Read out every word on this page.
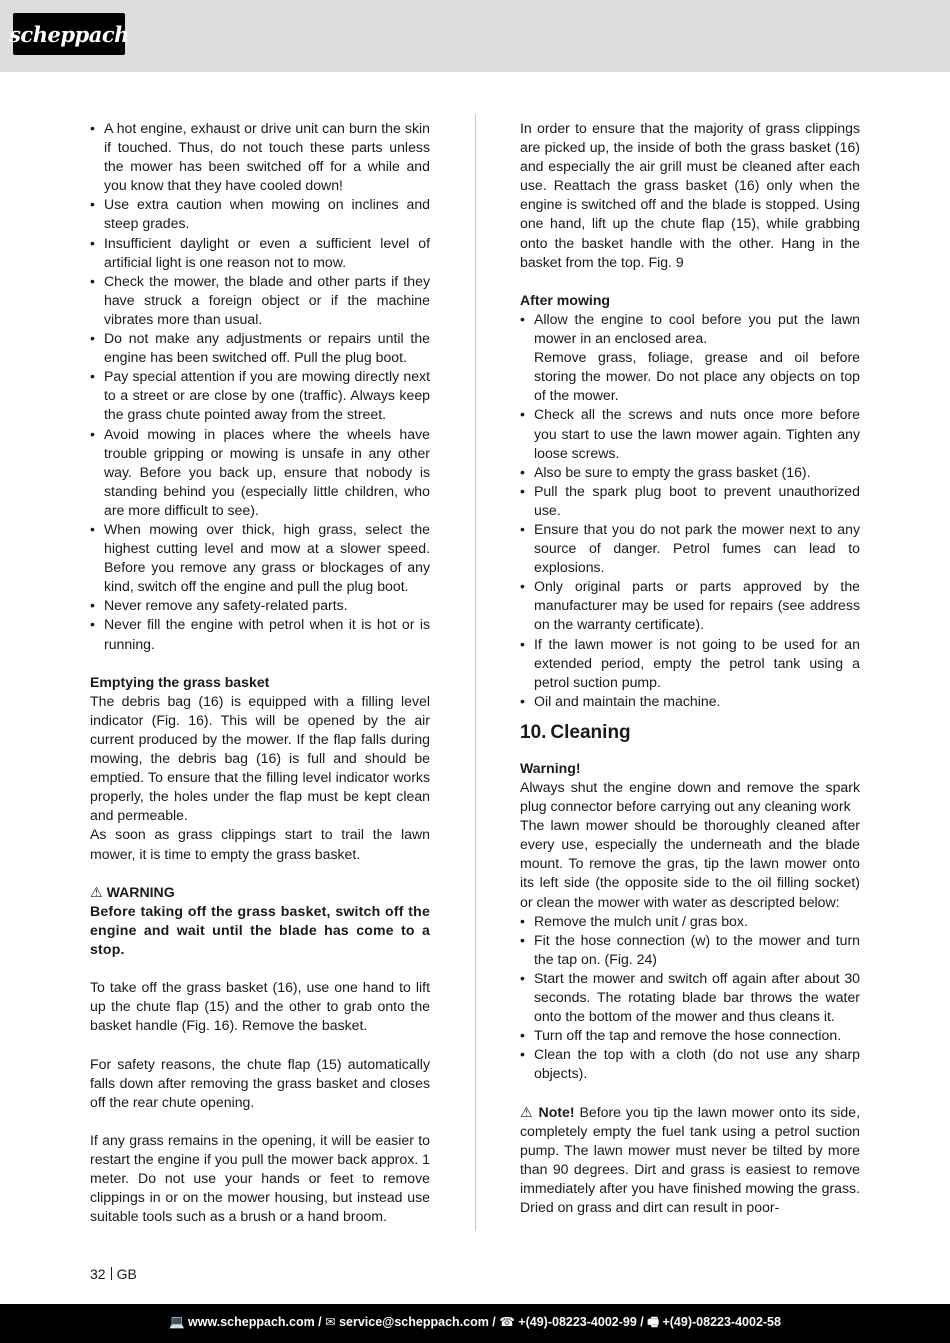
scheppach
• A hot engine, exhaust or drive unit can burn the skin if touched. Thus, do not touch these parts unless the mower has been switched off for a while and you know that they have cooled down!
• Use extra caution when mowing on inclines and steep grades.
• Insufficient daylight or even a sufficient level of artificial light is one reason not to mow.
• Check the mower, the blade and other parts if they have struck a foreign object or if the machine vibrates more than usual.
• Do not make any adjustments or repairs until the engine has been switched off. Pull the plug boot.
• Pay special attention if you are mowing directly next to a street or are close by one (traffic). Always keep the grass chute pointed away from the street.
• Avoid mowing in places where the wheels have trouble gripping or mowing is unsafe in any other way. Before you back up, ensure that nobody is standing behind you (especially little children, who are more difficult to see).
• When mowing over thick, high grass, select the highest cutting level and mow at a slower speed. Before you remove any grass or blockages of any kind, switch off the engine and pull the plug boot.
• Never remove any safety-related parts.
• Never fill the engine with petrol when it is hot or is running.
Emptying the grass basket

The debris bag (16) is equipped with a filling level indicator (Fig. 16). This will be opened by the air current produced by the mower. If the flap falls during mowing, the debris bag (16) is full and should be emptied. To ensure that the filling level indicator works properly, the holes under the flap must be kept clean and permeable.

As soon as grass clippings start to trail the lawn mower, it is time to empty the grass basket.

⚠ WARNING

Before taking off the grass basket, switch off the engine and wait until the blade has come to a stop.

To take off the grass basket (16), use one hand to lift up the chute flap (15) and the other to grab onto the basket handle (Fig. 16). Remove the basket.

For safety reasons, the chute flap (15) automatically falls down after removing the grass basket and closes off the rear chute opening.

If any grass remains in the opening, it will be easier to restart the engine if you pull the mower back approx. 1 meter. Do not use your hands or feet to remove clippings in or on the mower housing, but instead use suitable tools such as a brush or a hand broom.

In order to ensure that the majority of grass clippings are picked up, the inside of both the grass basket (16) and especially the air grill must be cleaned after each use. Reattach the grass basket (16) only when the engine is switched off and the blade is stopped. Using one hand, lift up the chute flap (15), while grabbing onto the basket handle with the other. Hang in the basket from the top. Fig. 9

After mowing
• Allow the engine to cool before you put the lawn mower in an enclosed area.
Remove grass, foliage, grease and oil before storing the mower. Do not place any objects on top of the mower.
• Check all the screws and nuts once more before you start to use the lawn mower again. Tighten any loose screws.
• Also be sure to empty the grass basket (16).
• Pull the spark plug boot to prevent unauthorized use.
• Ensure that you do not park the mower next to any source of danger. Petrol fumes can lead to explosions.
• Only original parts or parts approved by the manufacturer may be used for repairs (see address on the warranty certificate).
• If the lawn mower is not going to be used for an extended period, empty the petrol tank using a petrol suction pump.
• Oil and maintain the machine.
10. Cleaning
Warning!

Always shut the engine down and remove the spark plug connector before carrying out any cleaning work

The lawn mower should be thoroughly cleaned after every use, especially the underneath and the blade mount. To remove the gras, tip the lawn mower onto its left side (the opposite side to the oil filling socket) or clean the mower with water as descripted below:

• Remove the mulch unit / gras box.
• Fit the hose connection (w) to the mower and turn the tap on. (Fig. 24)
• Start the mower and switch off again after about 30 seconds. The rotating blade bar throws the water onto the bottom of the mower and thus cleans it.
• Turn off the tap and remove the hose connection.
• Clean the top with a cloth (do not use any sharp objects).

⚠ Note! Before you tip the lawn mower onto its side, completely empty the fuel tank using a petrol suction pump. The lawn mower must never be tilted by more than 90 degrees. Dirt and grass is easiest to remove immediately after you have finished mowing the grass. Dried on grass and dirt can result in poor-

32 GB
💻 www.scheppach.com / ✉ service@scheppach.com / ☎ +(49)-08223-4002-99 / 🖷 +(49)-08223-4002-58
